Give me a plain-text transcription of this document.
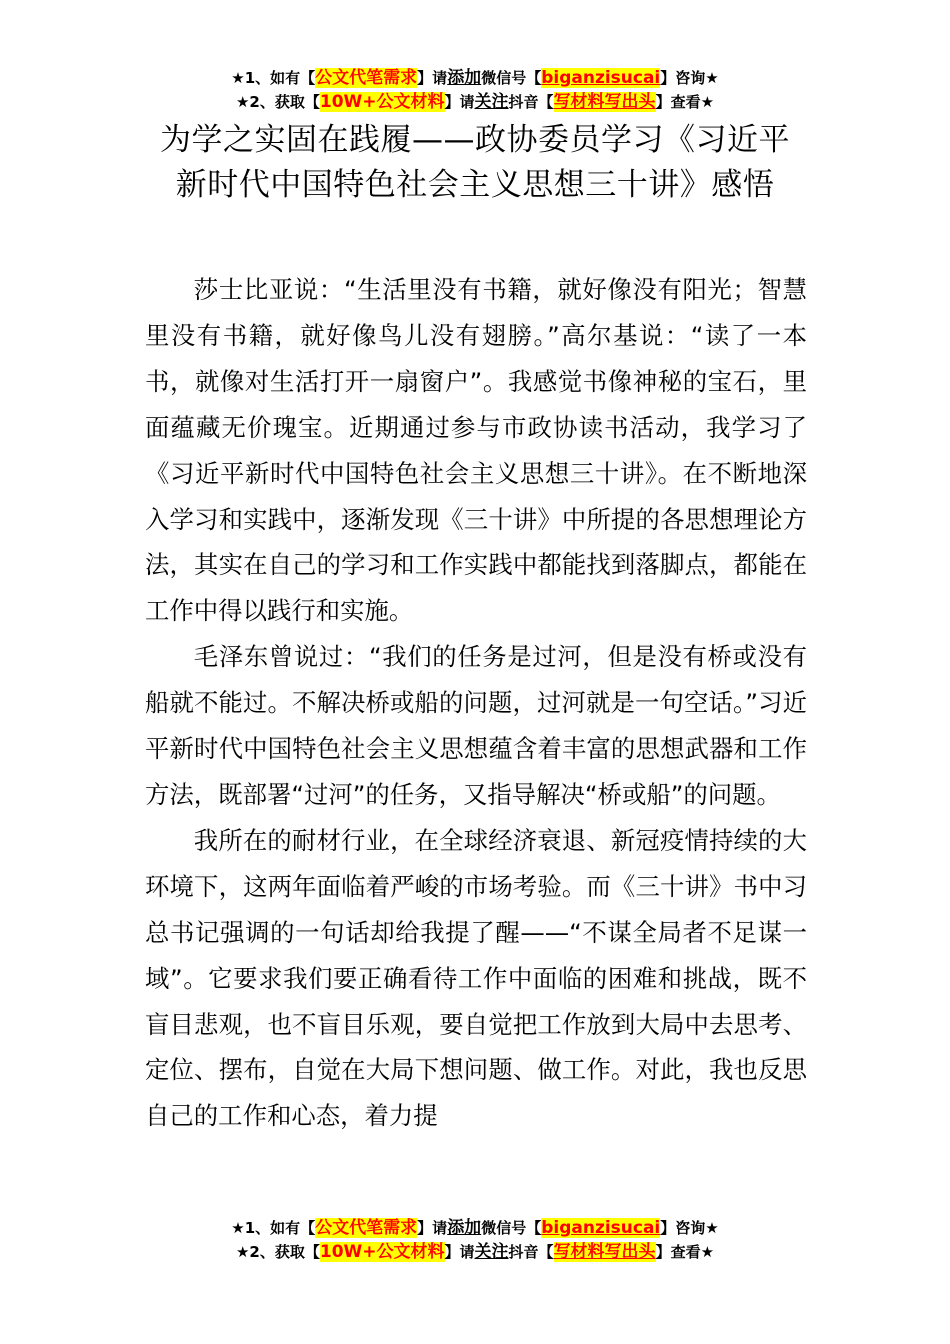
★1、如有【公文代笔需求】请添加微信号【biganzisucai】咨询★
★2、获取【10W+公文材料】请关注抖音【写材料写出头】查看★
为学之实固在践履——政协委员学习《习近平新时代中国特色社会主义思想三十讲》感悟

莎士比亚说：“生活里没有书籍，就好像没有阳光；智慧里没有书籍，就好像鸟儿没有翅膀。”高尔基说：“读了一本书，就像对生活打开一扇窗户”。我感觉书像神秘的宝石，里面蕴藏无价瑰宝。近期通过参与市政协读书活动，我学习了《习近平新时代中国特色社会主义思想三十讲》。在不断地深入学习和实践中，逐渐发现《三十讲》中所提的各思想理论方法，其实在自己的学习和工作实践中都能找到落脚点，都能在工作中得以践行和实施。

毛泽东曾说过：“我们的任务是过河，但是没有桥或没有船就不能过。不解决桥或船的问题，过河就是一句空话。”习近平新时代中国特色社会主义思想蕴含着丰富的思想武器和工作方法，既部署“过河”的任务，又指导解决“桥或船”的问题。

我所在的耐材行业，在全球经济衰退、新冠疫情持续的大环境下，这两年面临着严峻的市场考验。而《三十讲》书中习总书记强调的一句话却给我提了醒——“不谋全局者不足谋一域”。它要求我们要正确看待工作中面临的困难和挑战，既不盲目悲观，也不盲目乐观，要自觉把工作放到大局中去思考、定位、摆布，自觉在大局下想问题、做工作。对此，我也反思自己的工作和心态，着力提

★1、如有【公文代笔需求】请添加微信号【biganzisucai】咨询★
★2、获取【10W+公文材料】请关注抖音【写材料写出头】查看★
